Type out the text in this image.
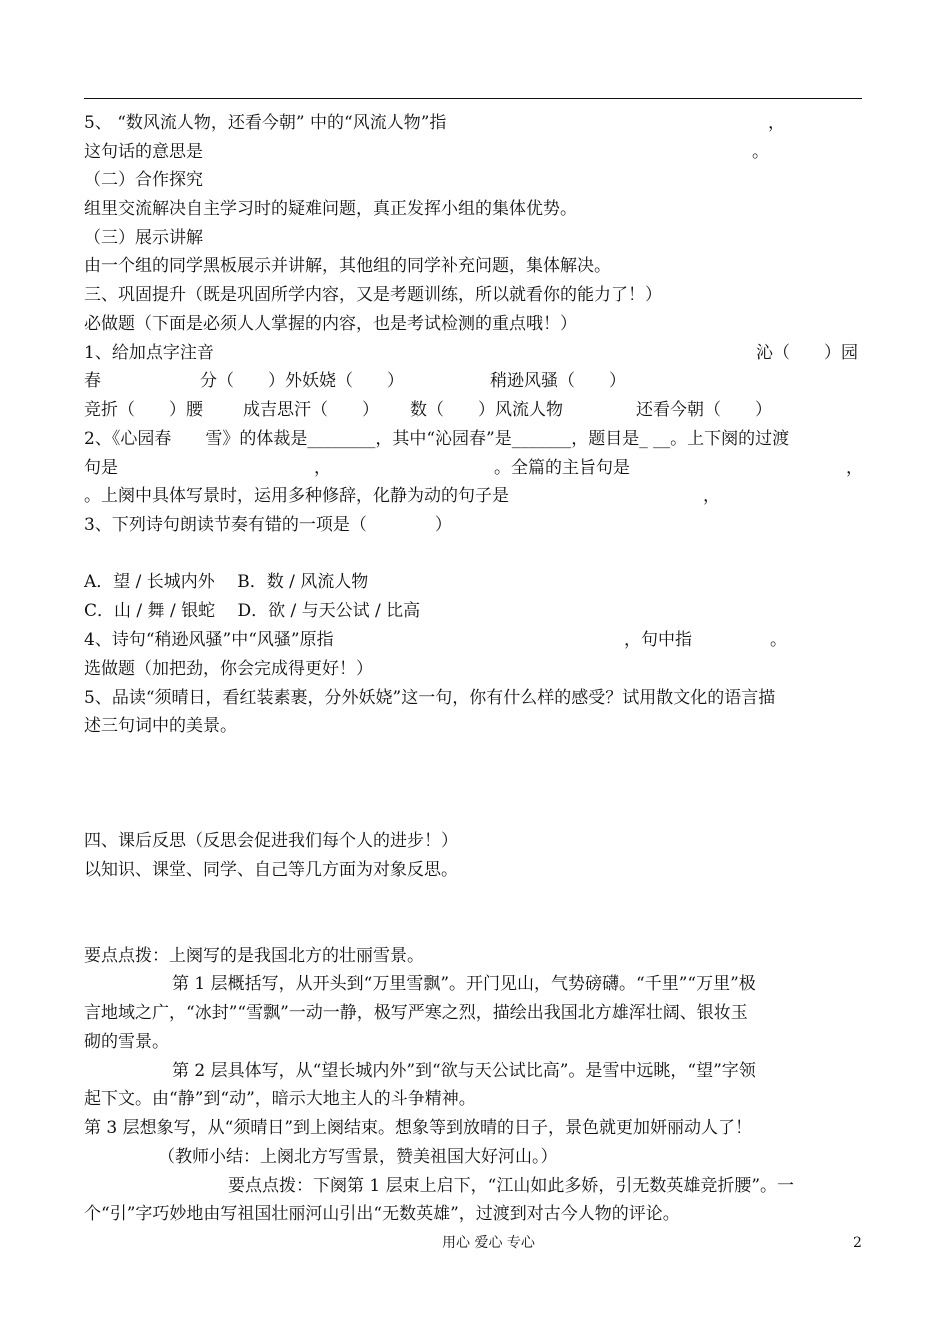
5、 “数风流人物，还看今朝” 中的“风流人物”指	，

这句话的意思是	。

（二）合作探究

组里交流解决自主学习时的疑难问题，真正发挥小组的集体优势。

（三）展示讲解

由一个组的同学黑板展示并讲解，其他组的同学补充问题，集体解决。

三、巩固提升（既是巩固所学内容，又是考题训练，所以就看你的能力了！）

必做题（下面是必须人人掌握的内容，也是考试检测的重点哦！）

1、给加点字注音	沁（　　）园

春	分（　　）外妖娆（　　）	稍逊风骚（　　）

竞折（　　）腰 成吉思汗（　　） 数（　　）风流人物	还看今朝（　　）

2、《心园春　　雪》的体裁是________，其中“沁园春”是_______，题目是_ __。上下阕的过渡

句是	，	。全篇的主旨句是	，

。上阕中具体写景时，运用多种修辞，化静为动的句子是	，

3、下列诗句朗读节奏有错的一项是（　　　　）

A．望 / 长城内外　 B．数 / 风流人物

C．山 / 舞 / 银蛇　 D．欲 / 与天公试 / 比高

4、诗句“稍逊风骚”中“风骚”原指	，句中指	。

选做题（加把劲，你会完成得更好！）

5、品读“须晴日，看红装素裹，分外妖娆”这一句，你有什么样的感受？试用散文化的语言描

述三句词中的美景。

四、课后反思（反思会促进我们每个人的进步！）

以知识、课堂、同学、自己等几方面为对象反思。

要点点拨：上阕写的是我国北方的壮丽雪景。

第 1 层概括写，从开头到“万里雪飘”。开门见山，气势磅礴。“千里”“万里”极

言地域之广，“冰封”“雪飘”一动一静，极写严寒之烈，描绘出我国北方雄浑壮阔、银妆玉

砌的雪景。

第 2 层具体写，从“望长城内外”到“欲与天公试比高”。是雪中远眺，“望”字领

起下文。由“静”到“动”，暗示大地主人的斗争精神。

第 3 层想象写，从“须晴日”到上阕结束。想象等到放晴的日子，景色就更加妍丽动人了！

（教师小结：上阕北方写雪景，赞美祖国大好河山。）

要点点拨：下阕第 1 层束上启下，“江山如此多娇，引无数英雄竞折腰”。一

个“引”字巧妙地由写祖国壮丽河山引出“无数英雄”，过渡到对古今人物的评论。

用心 爱心 专心	2
